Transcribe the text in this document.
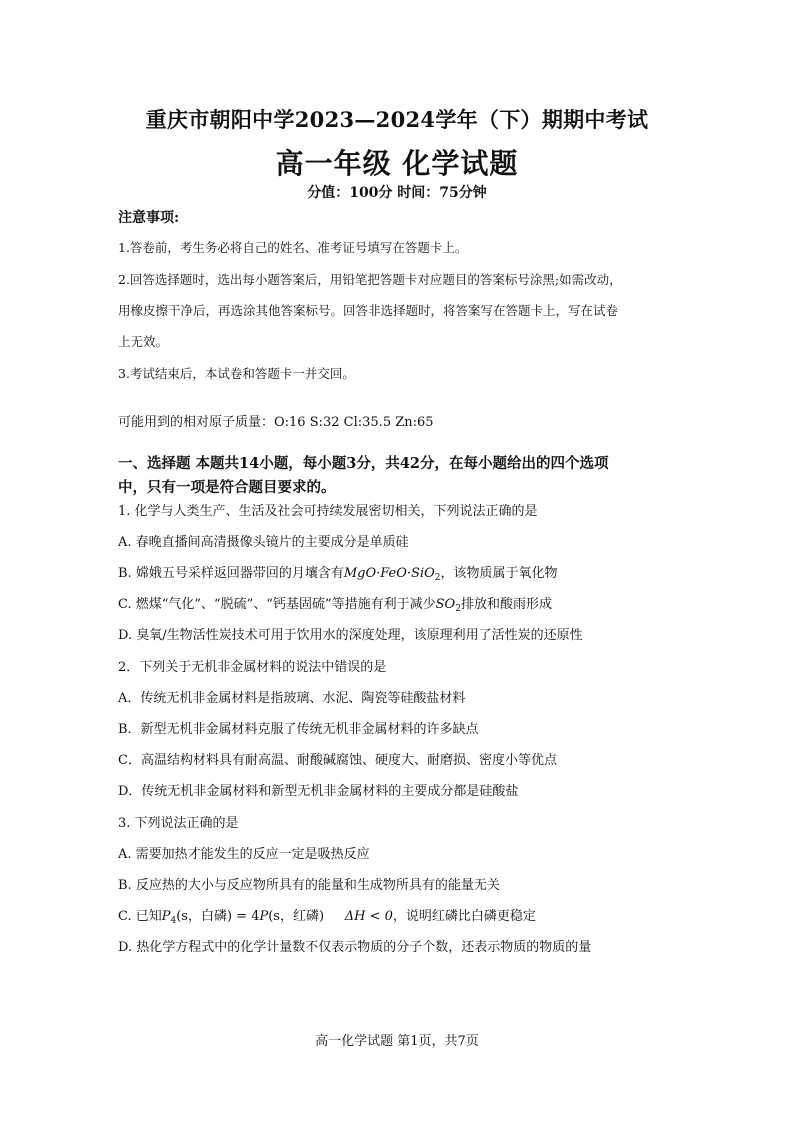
重庆市朝阳中学2023—2024学年（下）期期中考试
高一年级 化学试题
分值：100分 时间：75分钟
注意事项:
1.答卷前，考生务必将自己的姓名、准考证号填写在答题卡上。
2.回答选择题时，选出每小题答案后，用铅笔把答题卡对应题目的答案标号涂黑;如需改动，
用橡皮擦干净后，再选涂其他答案标号。回答非选择题时，将答案写在答题卡上，写在试卷
上无效。
3.考试结束后，本试卷和答题卡一并交回。
可能用到的相对原子质量：O:16 S:32 Cl:35.5 Zn:65
一、选择题 本题共14小题，每小题3分，共42分，在每小题给出的四个选项
中，只有一项是符合题目要求的。
1. 化学与人类生产、生活及社会可持续发展密切相关，下列说法正确的是
A. 春晚直播间高清摄像头镜片的主要成分是单质硅
B. 嫦娥五号采样返回器带回的月壤含有MgO·FeO·SiO$_2$，该物质属于氧化物
C. 燃煤“气化”、“脱硫”、“钙基固硫”等措施有利于减少$SO_2$排放和酸雨形成
D. 臭氧/生物活性炭技术可用于饮用水的深度处理，该原理利用了活性炭的还原性
2．下列关于无机非金属材料的说法中错误的是
A．传统无机非金属材料是指玻璃、水泥、陶瓷等硅酸盐材料
B．新型无机非金属材料克服了传统无机非金属材料的许多缺点
C．高温结构材料具有耐高温、耐酸碱腐蚀、硬度大、耐磨损、密度小等优点
D．传统无机非金属材料和新型无机非金属材料的主要成分都是硅酸盐
3. 下列说法正确的是
A. 需要加热才能发生的反应一定是吸热反应
B. 反应热的大小与反应物所具有的能量和生成物所具有的能量无关
C. 已知$P_4(s$，白磷) = 4P(s，红磷) ΔH < 0，说明红磷比白磷更稳定
D. 热化学方程式中的化学计量数不仅表示物质的分子个数，还表示物质的物质的量
高一化学试题 第1页，共7页
